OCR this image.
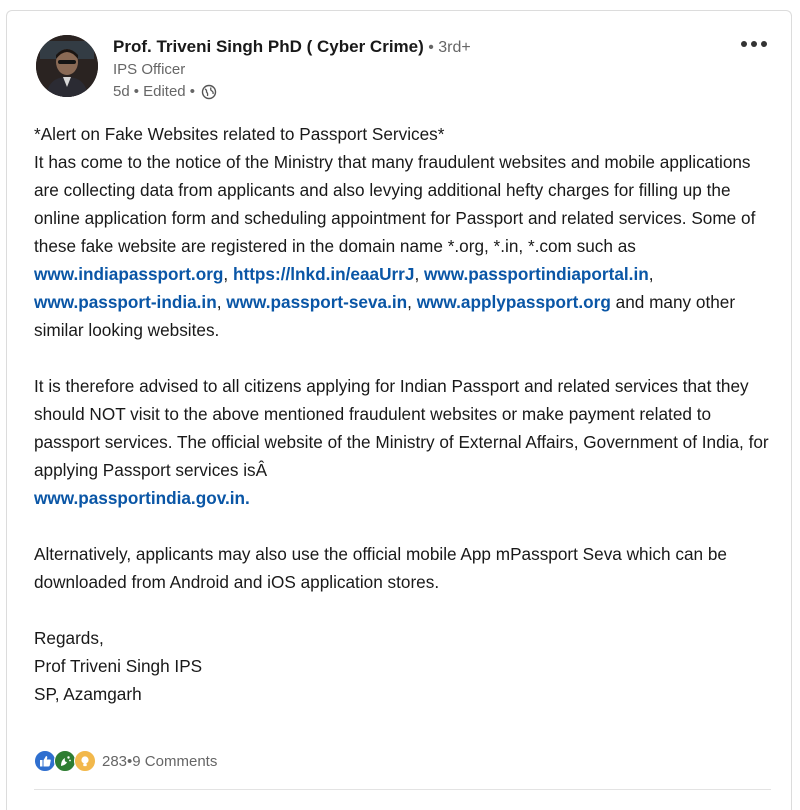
Prof. Triveni Singh PhD ( Cyber Crime) • 3rd+
IPS Officer
5d • Edited •

*Alert on Fake Websites related to Passport Services*

It has come to the notice of the Ministry that many fraudulent websites and mobile applications are collecting data from applicants and also levying additional hefty charges for filling up the online application form and scheduling appointment for Passport and related services. Some of these fake website are registered in the domain name *.org, *.in, *.com such as www.indiapassport.org, https://lnkd.in/eaaUrrJ, www.passportindiaportal.in, www.passport-india.in, www.passport-seva.in, www.applypassport.org and many other similar looking websites.

It is therefore advised to all citizens applying for Indian Passport and related services that they should NOT visit to the above mentioned fraudulent websites or make payment related to passport services. The official website of the Ministry of External Affairs, Government of India, for applying Passport services isÂ
www.passportindia.gov.in.

Alternatively, applicants may also use the official mobile App mPassport Seva which can be downloaded from Android and iOS application stores.

Regards,

Prof Triveni Singh IPS

SP, Azamgarh

283 • 9 Comments
